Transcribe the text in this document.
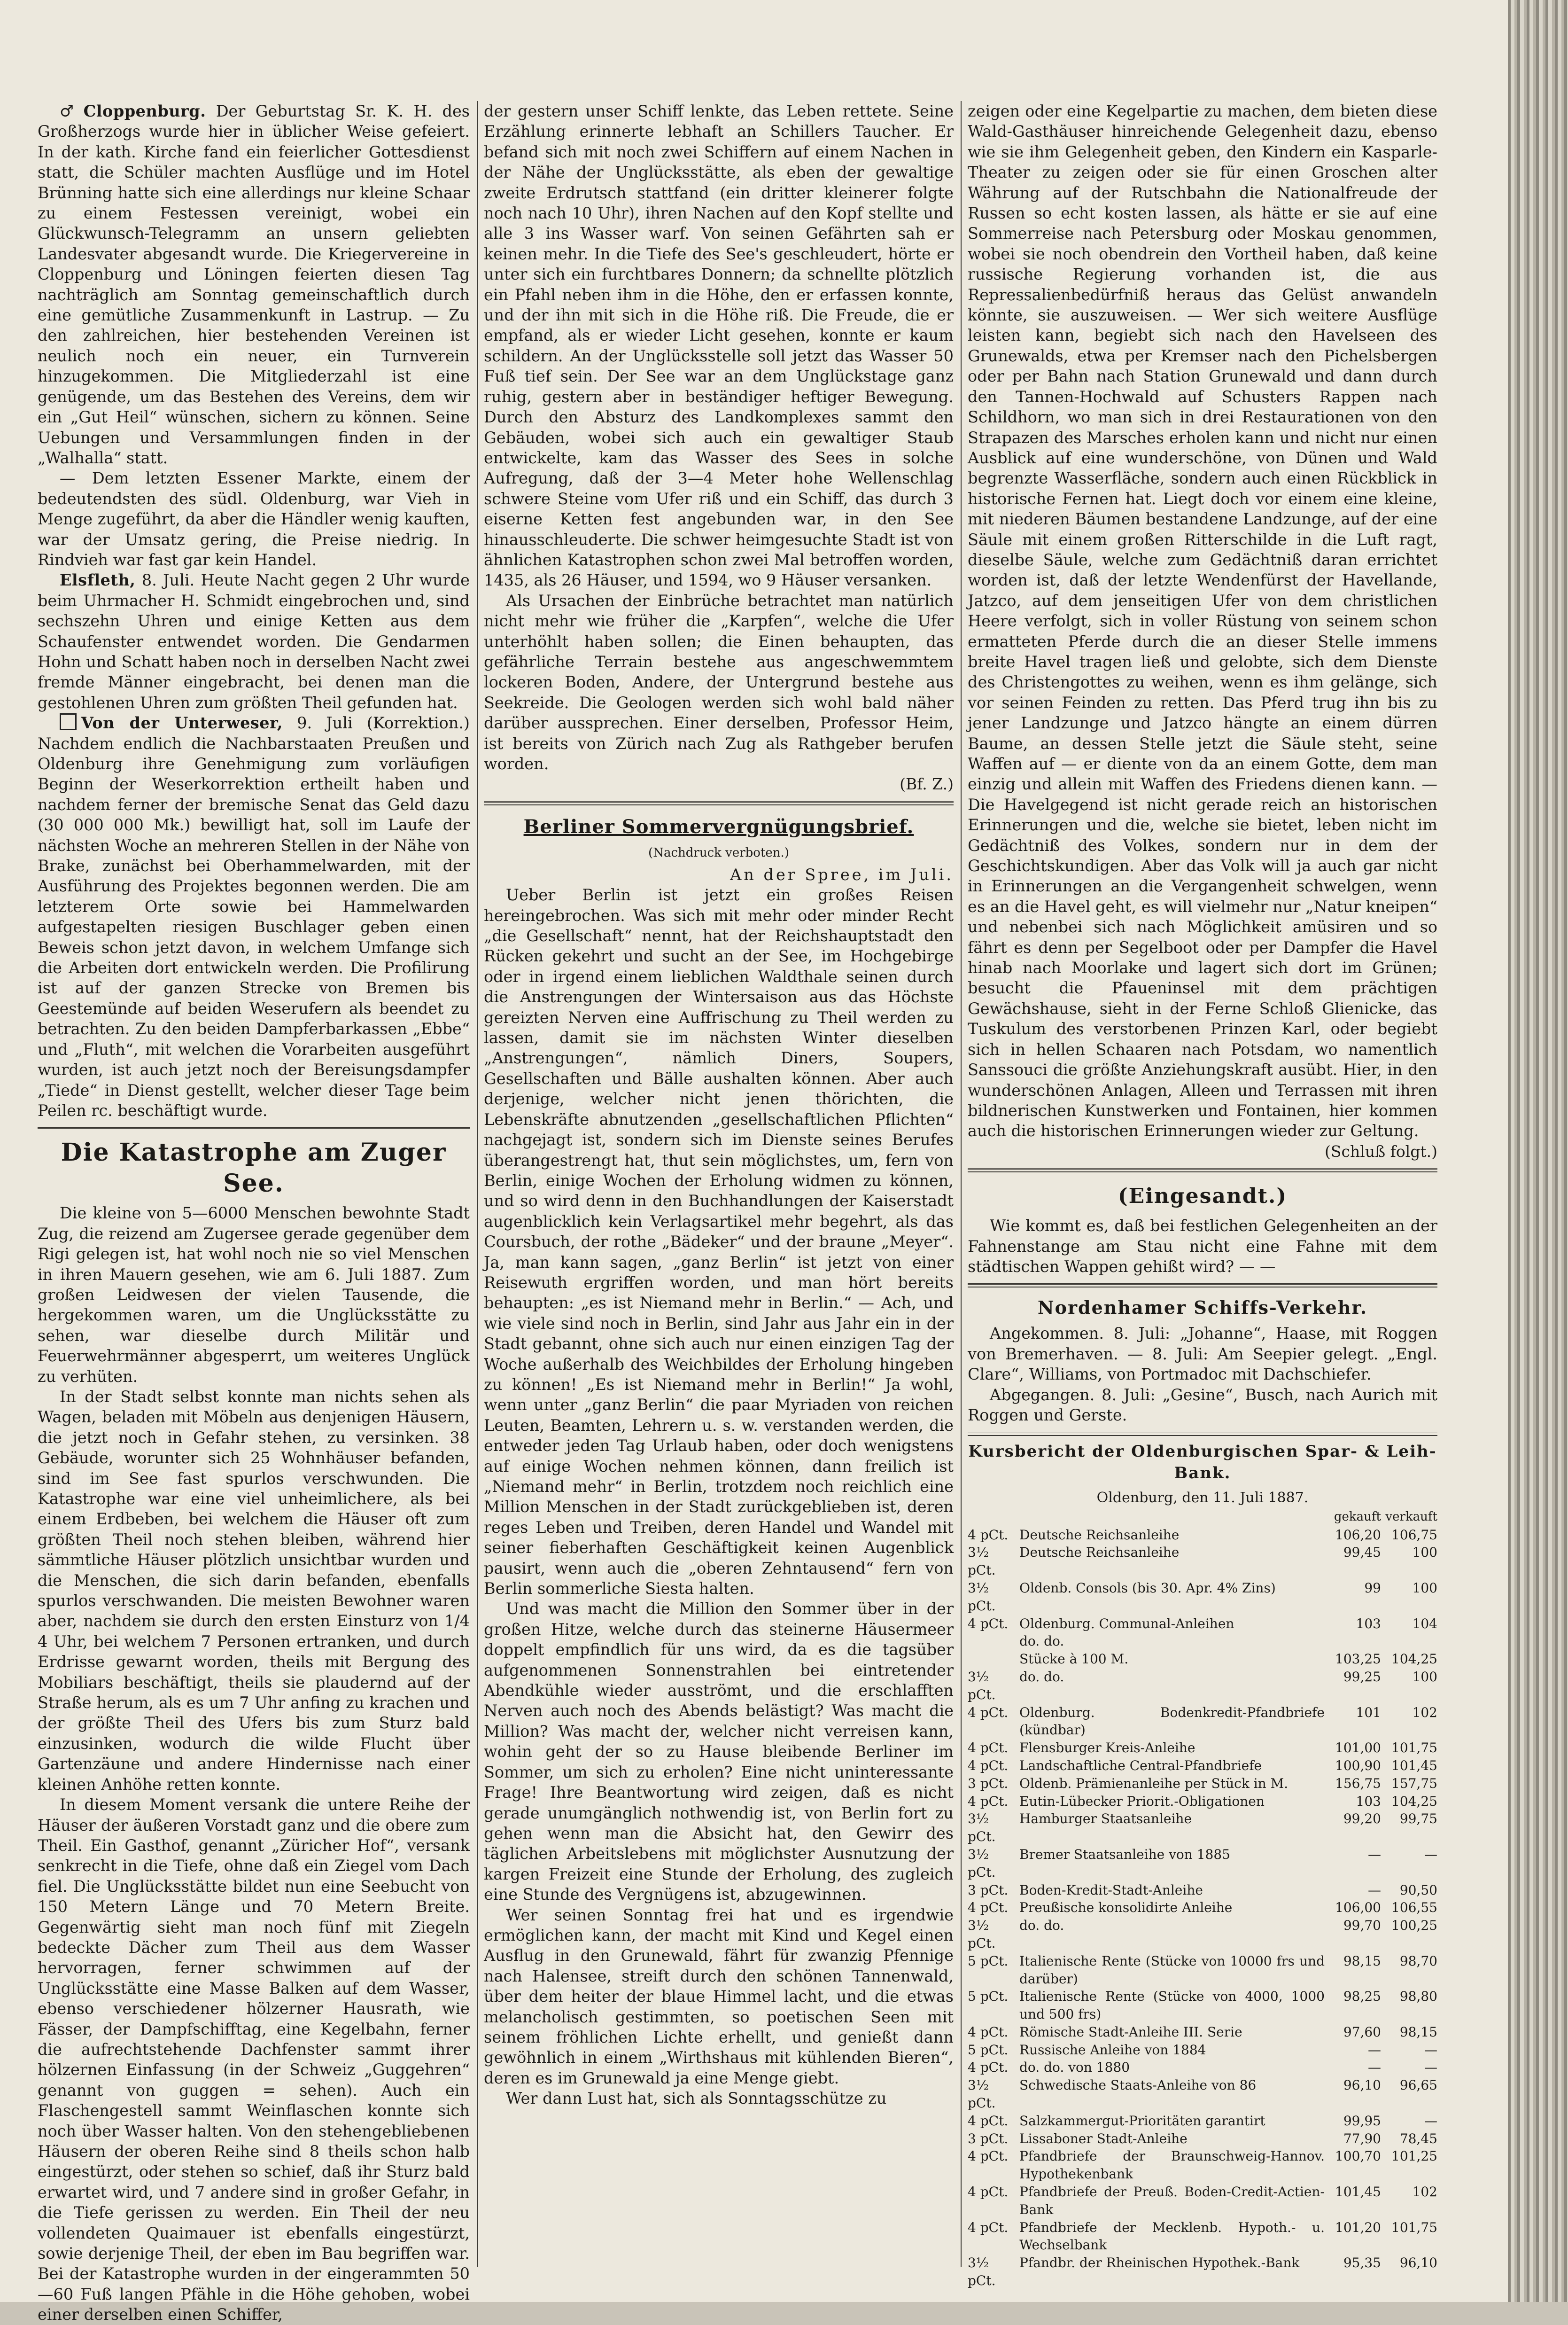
♂ Cloppenburg. Der Geburtstag Sr. K. H. des Großherzogs wurde hier in üblicher Weise gefeiert. In der kath. Kirche fand ein feierlicher Gottesdienst statt, die Schüler machten Ausflüge und im Hotel Brünning hatte sich eine allerdings nur kleine Schaar zu einem Festessen vereinigt, wobei ein Glückwunsch-Telegramm an unsern geliebten Landesvater abgesandt wurde. Die Kriegervereine in Cloppenburg und Löningen feierten diesen Tag nachträglich am Sonntag gemeinschaftlich durch eine gemütliche Zusammenkunft in Lastrup. — Zu den zahlreichen, hier bestehenden Vereinen ist neulich noch ein neuer, ein Turnverein hinzugekommen. Die Mitgliederzahl ist eine genügende, um das Bestehen des Vereins, dem wir ein „Gut Heil“ wünschen, sichern zu können. Seine Uebungen und Versammlungen finden in der „Walhalla“ statt.

— Dem letzten Essener Markte, einem der bedeutendsten des südl. Oldenburg, war Vieh in Menge zugeführt, da aber die Händler wenig kauften, war der Umsatz gering, die Preise niedrig. In Rindvieh war fast gar kein Handel.

Elsfleth, 8. Juli. Heute Nacht gegen 2 Uhr wurde beim Uhrmacher H. Schmidt eingebrochen und, sind sechszehn Uhren und einige Ketten aus dem Schaufenster entwendet worden. Die Gendarmen Hohn und Schatt haben noch in derselben Nacht zwei fremde Männer eingebracht, bei denen man die gestohlenen Uhren zum größten Theil gefunden hat.

Von der Unterweser, 9. Juli (Korrektion.) Nachdem endlich die Nachbarstaaten Preußen und Oldenburg ihre Genehmigung zum vorläufigen Beginn der Weserkorrektion ertheilt haben und nachdem ferner der bremische Senat das Geld dazu (30 000 000 Mk.) bewilligt hat, soll im Laufe der nächsten Woche an mehreren Stellen in der Nähe von Brake, zunächst bei Oberhammelwarden, mit der Ausführung des Projektes begonnen werden. Die am letzterem Orte sowie bei Hammelwarden aufgestapelten riesigen Buschlager geben einen Beweis schon jetzt davon, in welchem Umfange sich die Arbeiten dort entwickeln werden. Die Profilirung ist auf der ganzen Strecke von Bremen bis Geestemünde auf beiden Weserufern als beendet zu betrachten. Zu den beiden Dampferbarkassen „Ebbe“ und „Fluth“, mit welchen die Vorarbeiten ausgeführt wurden, ist auch jetzt noch der Bereisungsdampfer „Tiede“ in Dienst gestellt, welcher dieser Tage beim Peilen rc. beschäftigt wurde.

Die Katastrophe am Zuger See.

Die kleine von 5—6000 Menschen bewohnte Stadt Zug, die reizend am Zugersee gerade gegenüber dem Rigi gelegen ist, hat wohl noch nie so viel Menschen in ihren Mauern gesehen, wie am 6. Juli 1887. Zum großen Leidwesen der vielen Tausende, die hergekommen waren, um die Unglücksstätte zu sehen, war dieselbe durch Militär und Feuerwehrmänner abgesperrt, um weiteres Unglück zu verhüten.

In der Stadt selbst konnte man nichts sehen als Wagen, beladen mit Möbeln aus denjenigen Häusern, die jetzt noch in Gefahr stehen, zu versinken. 38 Gebäude, worunter sich 25 Wohnhäuser befanden, sind im See fast spurlos verschwunden. Die Katastrophe war eine viel unheimlichere, als bei einem Erdbeben, bei welchem die Häuser oft zum größten Theil noch stehen bleiben, während hier sämmtliche Häuser plötzlich unsichtbar wurden und die Menschen, die sich darin befanden, ebenfalls spurlos verschwanden. Die meisten Bewohner waren aber, nachdem sie durch den ersten Einsturz von 1/4 4 Uhr, bei welchem 7 Personen ertranken, und durch Erdrisse gewarnt worden, theils mit Bergung des Mobiliars beschäftigt, theils sie plaudernd auf der Straße herum, als es um 7 Uhr anfing zu krachen und der größte Theil des Ufers bis zum Sturz bald einzusinken, wodurch die wilde Flucht über Gartenzäune und andere Hindernisse nach einer kleinen Anhöhe retten konnte.

In diesem Moment versank die untere Reihe der Häuser der äußeren Vorstadt ganz und die obere zum Theil. Ein Gasthof, genannt „Züricher Hof“, versank senkrecht in die Tiefe, ohne daß ein Ziegel vom Dach fiel. Die Unglücksstätte bildet nun eine Seebucht von 150 Metern Länge und 70 Metern Breite. Gegenwärtig sieht man noch fünf mit Ziegeln bedeckte Dächer zum Theil aus dem Wasser hervorragen, ferner schwimmen auf der Unglücksstätte eine Masse Balken auf dem Wasser, ebenso verschiedener hölzerner Hausrath, wie Fässer, der Dampfschifftag, eine Kegelbahn, ferner die aufrechtstehende Dachfenster sammt ihrer hölzernen Einfassung (in der Schweiz „Guggehren“ genannt von guggen = sehen). Auch ein Flaschengestell sammt Weinflaschen konnte sich noch über Wasser halten. Von den stehengebliebenen Häusern der oberen Reihe sind 8 theils schon halb eingestürzt, oder stehen so schief, daß ihr Sturz bald erwartet wird, und 7 andere sind in großer Gefahr, in die Tiefe gerissen zu werden. Ein Theil der neu vollendeten Quaimauer ist ebenfalls eingestürzt, sowie derjenige Theil, der eben im Bau begriffen war. Bei der Katastrophe wurden in der eingerammten 50—60 Fuß langen Pfähle in die Höhe gehoben, wobei einer derselben einen Schiffer,

der gestern unser Schiff lenkte, das Leben rettete. Seine Erzählung erinnerte lebhaft an Schillers Taucher. Er befand sich mit noch zwei Schiffern auf einem Nachen in der Nähe der Unglücksstätte, als eben der gewaltige zweite Erdrutsch stattfand (ein dritter kleinerer folgte noch nach 10 Uhr), ihren Nachen auf den Kopf stellte und alle 3 ins Wasser warf. Von seinen Gefährten sah er keinen mehr. In die Tiefe des See's geschleudert, hörte er unter sich ein furchtbares Donnern; da schnellte plötzlich ein Pfahl neben ihm in die Höhe, den er erfassen konnte, und der ihn mit sich in die Höhe riß. Die Freude, die er empfand, als er wieder Licht gesehen, konnte er kaum schildern. An der Unglücksstelle soll jetzt das Wasser 50 Fuß tief sein. Der See war an dem Unglückstage ganz ruhig, gestern aber in beständiger heftiger Bewegung. Durch den Absturz des Landkomplexes sammt den Gebäuden, wobei sich auch ein gewaltiger Staub entwickelte, kam das Wasser des Sees in solche Aufregung, daß der 3—4 Meter hohe Wellenschlag schwere Steine vom Ufer riß und ein Schiff, das durch 3 eiserne Ketten fest angebunden war, in den See hinausschleuderte. Die schwer heimgesuchte Stadt ist von ähnlichen Katastrophen schon zwei Mal betroffen worden, 1435, als 26 Häuser, und 1594, wo 9 Häuser versanken.

Als Ursachen der Einbrüche betrachtet man natürlich nicht mehr wie früher die „Karpfen“, welche die Ufer unterhöhlt haben sollen; die Einen behaupten, das gefährliche Terrain bestehe aus angeschwemmtem lockeren Boden, Andere, der Untergrund bestehe aus Seekreide. Die Geologen werden sich wohl bald näher darüber aussprechen. Einer derselben, Professor Heim, ist bereits von Zürich nach Zug als Rathgeber berufen worden.

(Bf. Z.)
Berliner Sommervergnügungsbrief.
(Nachdruck verboten.)
An der Spree, im Juli.

Ueber Berlin ist jetzt ein großes Reisen hereingebrochen. Was sich mit mehr oder minder Recht „die Gesellschaft“ nennt, hat der Reichshauptstadt den Rücken gekehrt und sucht an der See, im Hochgebirge oder in irgend einem lieblichen Waldthale seinen durch die Anstrengungen der Wintersaison aus das Höchste gereizten Nerven eine Auffrischung zu Theil werden zu lassen, damit sie im nächsten Winter dieselben „Anstrengungen“, nämlich Diners, Soupers, Gesellschaften und Bälle aushalten können. Aber auch derjenige, welcher nicht jenen thörichten, die Lebenskräfte abnutzenden „gesellschaftlichen Pflichten“ nachgejagt ist, sondern sich im Dienste seines Berufes überangestrengt hat, thut sein möglichstes, um, fern von Berlin, einige Wochen der Erholung widmen zu können, und so wird denn in den Buchhandlungen der Kaiserstadt augenblicklich kein Verlagsartikel mehr begehrt, als das Coursbuch, der rothe „Bädeker“ und der braune „Meyer“. Ja, man kann sagen, „ganz Berlin“ ist jetzt von einer Reisewuth ergriffen worden, und man hört bereits behaupten: „es ist Niemand mehr in Berlin.“ — Ach, und wie viele sind noch in Berlin, sind Jahr aus Jahr ein in der Stadt gebannt, ohne sich auch nur einen einzigen Tag der Woche außerhalb des Weichbildes der Erholung hingeben zu können! „Es ist Niemand mehr in Berlin!“ Ja wohl, wenn unter „ganz Berlin“ die paar Myriaden von reichen Leuten, Beamten, Lehrern u. s. w. verstanden werden, die entweder jeden Tag Urlaub haben, oder doch wenigstens auf einige Wochen nehmen können, dann freilich ist „Niemand mehr“ in Berlin, trotzdem noch reichlich eine Million Menschen in der Stadt zurückgeblieben ist, deren reges Leben und Treiben, deren Handel und Wandel mit seiner fieberhaften Geschäftigkeit keinen Augenblick pausirt, wenn auch die „oberen Zehntausend“ fern von Berlin sommerliche Siesta halten.

Und was macht die Million den Sommer über in der großen Hitze, welche durch das steinerne Häusermeer doppelt empfindlich für uns wird, da es die tagsüber aufgenommenen Sonnenstrahlen bei eintretender Abendkühle wieder ausströmt, und die erschlafften Nerven auch noch des Abends belästigt? Was macht die Million? Was macht der, welcher nicht verreisen kann, wohin geht der so zu Hause bleibende Berliner im Sommer, um sich zu erholen? Eine nicht uninteressante Frage! Ihre Beantwortung wird zeigen, daß es nicht gerade unumgänglich nothwendig ist, von Berlin fort zu gehen wenn man die Absicht hat, den Gewirr des täglichen Arbeitslebens mit möglichster Ausnutzung der kargen Freizeit eine Stunde der Erholung, des zugleich eine Stunde des Vergnügens ist, abzugewinnen.

Wer seinen Sonntag frei hat und es irgendwie ermöglichen kann, der macht mit Kind und Kegel einen Ausflug in den Grunewald, fährt für zwanzig Pfennige nach Halensee, streift durch den schönen Tannenwald, über dem heiter der blaue Himmel lacht, und die etwas melancholisch gestimmten, so poetischen Seen mit seinem fröhlichen Lichte erhellt, und genießt dann gewöhnlich in einem „Wirthshaus mit kühlenden Bieren“, deren es im Grunewald ja eine Menge giebt.

Wer dann Lust hat, sich als Sonntagsschütze zu

zeigen oder eine Kegelpartie zu machen, dem bieten diese Wald-Gasthäuser hinreichende Gelegenheit dazu, ebenso wie sie ihm Gelegenheit geben, den Kindern ein Kasparle-Theater zu zeigen oder sie für einen Groschen alter Währung auf der Rutschbahn die Nationalfreude der Russen so echt kosten lassen, als hätte er sie auf eine Sommerreise nach Petersburg oder Moskau genommen, wobei sie noch obendrein den Vortheil haben, daß keine russische Regierung vorhanden ist, die aus Repressalienbedürfniß heraus das Gelüst anwandeln könnte, sie auszuweisen. — Wer sich weitere Ausflüge leisten kann, begiebt sich nach den Havelseen des Grunewalds, etwa per Kremser nach den Pichelsbergen oder per Bahn nach Station Grunewald und dann durch den Tannen-Hochwald auf Schusters Rappen nach Schildhorn, wo man sich in drei Restaurationen von den Strapazen des Marsches erholen kann und nicht nur einen Ausblick auf eine wunderschöne, von Dünen und Wald begrenzte Wasserfläche, sondern auch einen Rückblick in historische Fernen hat. Liegt doch vor einem eine kleine, mit niederen Bäumen bestandene Landzunge, auf der eine Säule mit einem großen Ritterschilde in die Luft ragt, dieselbe Säule, welche zum Gedächtniß daran errichtet worden ist, daß der letzte Wendenfürst der Havellande, Jatzco, auf dem jenseitigen Ufer von dem christlichen Heere verfolgt, sich in voller Rüstung von seinem schon ermatteten Pferde durch die an dieser Stelle immens breite Havel tragen ließ und gelobte, sich dem Dienste des Christengottes zu weihen, wenn es ihm gelänge, sich vor seinen Feinden zu retten. Das Pferd trug ihn bis zu jener Landzunge und Jatzco hängte an einem dürren Baume, an dessen Stelle jetzt die Säule steht, seine Waffen auf — er diente von da an einem Gotte, dem man einzig und allein mit Waffen des Friedens dienen kann. — Die Havelgegend ist nicht gerade reich an historischen Erinnerungen und die, welche sie bietet, leben nicht im Gedächtniß des Volkes, sondern nur in dem der Geschichtskundigen. Aber das Volk will ja auch gar nicht in Erinnerungen an die Vergangenheit schwelgen, wenn es an die Havel geht, es will vielmehr nur „Natur kneipen“ und nebenbei sich nach Möglichkeit amüsiren und so fährt es denn per Segelboot oder per Dampfer die Havel hinab nach Moorlake und lagert sich dort im Grünen; besucht die Pfaueninsel mit dem prächtigen Gewächshause, sieht in der Ferne Schloß Glienicke, das Tuskulum des verstorbenen Prinzen Karl, oder begiebt sich in hellen Schaaren nach Potsdam, wo namentlich Sanssouci die größte Anziehungskraft ausübt. Hier, in den wunderschönen Anlagen, Alleen und Terrassen mit ihren bildnerischen Kunstwerken und Fontainen, hier kommen auch die historischen Erinnerungen wieder zur Geltung.

(Schluß folgt.)
(Eingesandt.)

Wie kommt es, daß bei festlichen Gelegenheiten an der Fahnenstange am Stau nicht eine Fahne mit dem städtischen Wappen gehißt wird? — —

Nordenhamer Schiffs-Verkehr.

Angekommen. 8. Juli: „Johanne“, Haase, mit Roggen von Bremerhaven. — 8. Juli: Am Seepier gelegt. „Engl. Clare“, Williams, von Portmadoc mit Dachschiefer.

Abgegangen. 8. Juli: „Gesine“, Busch, nach Aurich mit Roggen und Gerste.

Kursbericht der Oldenburgischen Spar- & Leih-Bank.
Oldenburg, den 11. Juli 1887.
		gekauft	verkauft
4 pCt.	Deutsche Reichsanleihe	106,20	106,75
3½ pCt.	Deutsche Reichsanleihe	99,45	100
3½ pCt.	Oldenb. Consols (bis 30. Apr. 4% Zins)	99	100
4 pCt.	Oldenburg. Communal-Anleihen	103	104
	do. do.		
	Stücke à 100 M.	103,25	104,25
3½ pCt.	do. do.	99,25	100
4 pCt.	Oldenburg. Bodenkredit-Pfandbriefe (kündbar)	101	102
4 pCt.	Flensburger Kreis-Anleihe	101,00	101,75
4 pCt.	Landschaftliche Central-Pfandbriefe	100,90	101,45
3 pCt.	Oldenb. Prämienanleihe per Stück in M.	156,75	157,75
4 pCt.	Eutin-Lübecker Priorit.-Obligationen	103	104,25
3½ pCt.	Hamburger Staatsanleihe	99,20	99,75
3½ pCt.	Bremer Staatsanleihe von 1885	—	—
3 pCt.	Boden-Kredit-Stadt-Anleihe	—	90,50
4 pCt.	Preußische konsolidirte Anleihe	106,00	106,55
3½ pCt.	do. do.	99,70	100,25
5 pCt.	Italienische Rente (Stücke von 10000 frs und darüber)	98,15	98,70
5 pCt.	Italienische Rente (Stücke von 4000, 1000 und 500 frs)	98,25	98,80
4 pCt.	Römische Stadt-Anleihe III. Serie	97,60	98,15
5 pCt.	Russische Anleihe von 1884	—	—
4 pCt.	do. do. von 1880	—	—
3½ pCt.	Schwedische Staats-Anleihe von 86	96,10	96,65
4 pCt.	Salzkammergut-Prioritäten garantirt	99,95	—
3 pCt.	Lissaboner Stadt-Anleihe	77,90	78,45
4 pCt.	Pfandbriefe der Braunschweig-Hannov. Hypothekenbank	100,70	101,25
4 pCt.	Pfandbriefe der Preuß. Boden-Credit-Actien-Bank	101,45	102
4 pCt.	Pfandbriefe der Mecklenb. Hypoth.- u. Wechselbank	101,20	101,75
3½ pCt.	Pfandbr. der Rheinischen Hypothek.-Bank	95,35	96,10
